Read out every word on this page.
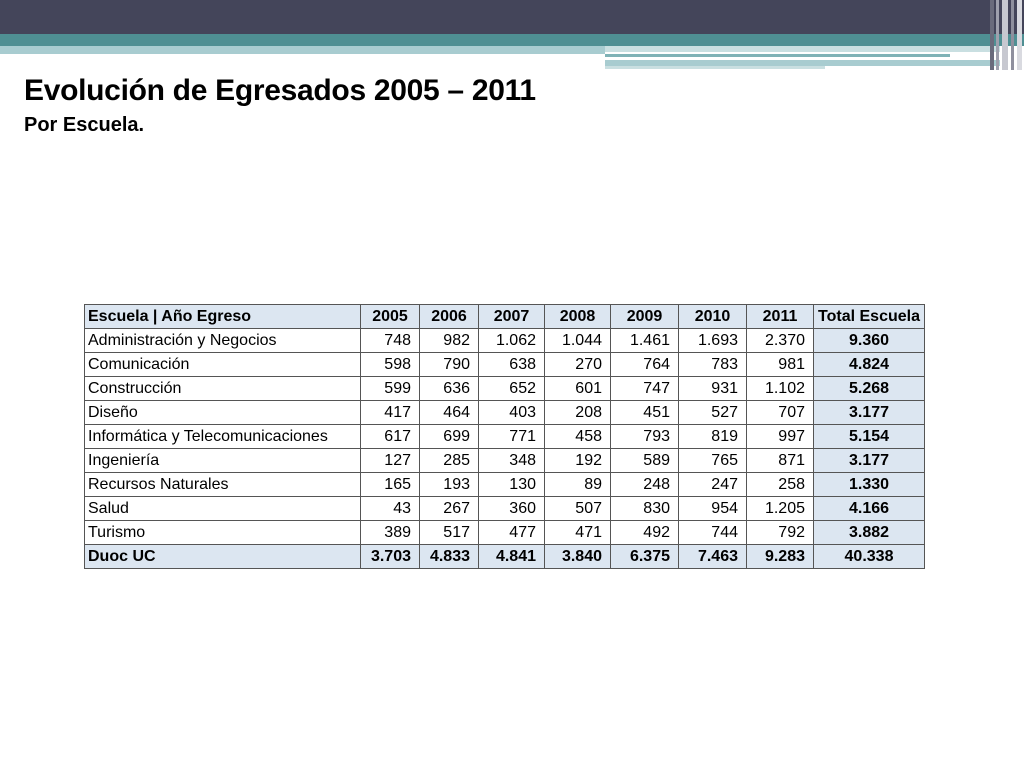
Evolución de Egresados 2005 – 2011
Por Escuela.
Escuela | Año Egreso	2005	2006	2007	2008	2009	2010	2011	Total Escuela
Administración y Negocios	748	982	1.062	1.044	1.461	1.693	2.370	9.360
Comunicación	598	790	638	270	764	783	981	4.824
Construcción	599	636	652	601	747	931	1.102	5.268
Diseño	417	464	403	208	451	527	707	3.177
Informática y Telecomunicaciones	617	699	771	458	793	819	997	5.154
Ingeniería	127	285	348	192	589	765	871	3.177
Recursos Naturales	165	193	130	89	248	247	258	1.330
Salud	43	267	360	507	830	954	1.205	4.166
Turismo	389	517	477	471	492	744	792	3.882
Duoc UC	3.703	4.833	4.841	3.840	6.375	7.463	9.283	40.338
